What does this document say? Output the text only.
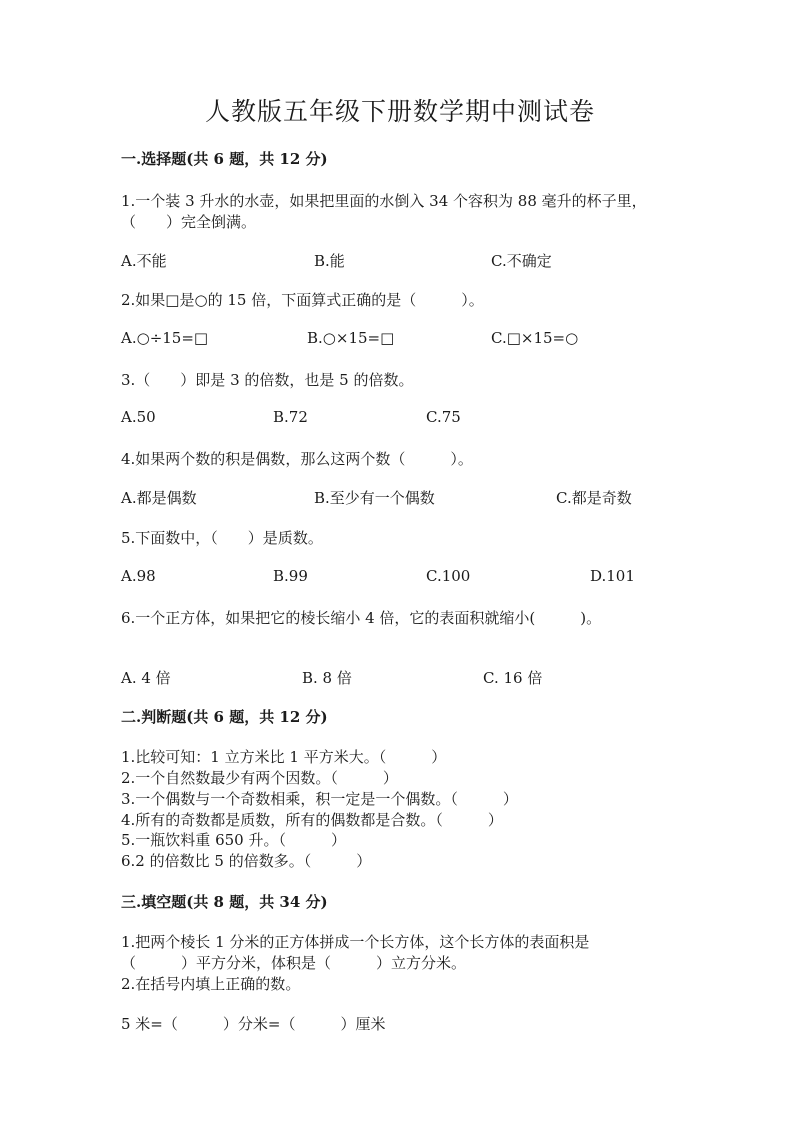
人教版五年级下册数学期中测试卷
一.选择题(共 6 题，共 12 分)
1.一个装 3 升水的水壶，如果把里面的水倒入 34 个容积为 88 毫升的杯子里，
（　　）完全倒满。
A.不能	B.能	C.不确定
2.如果□是○的 15 倍，下面算式正确的是（　　　）。
A.○÷15=□	B.○×15=□	C.□×15=○
3.（　　）即是 3 的倍数，也是 5 的倍数。
A.50	B.72	C.75
4.如果两个数的积是偶数，那么这两个数（　　　）。
A.都是偶数	B.至少有一个偶数	C.都是奇数
5.下面数中，（　　）是质数。
A.98	B.99	C.100	D.101
6.一个正方体，如果把它的棱长缩小 4 倍，它的表面积就缩小(　　　)。
A. 4 倍	B. 8 倍	C. 16 倍
二.判断题(共 6 题，共 12 分)
1.比较可知：1 立方米比 1 平方米大。（　　　）
2.一个自然数最少有两个因数。（　　　）
3.一个偶数与一个奇数相乘，积一定是一个偶数。（　　　）
4.所有的奇数都是质数，所有的偶数都是合数。（　　　）
5.一瓶饮料重 650 升。（　　　）
6.2 的倍数比 5 的倍数多。（　　　）
三.填空题(共 8 题，共 34 分)
1.把两个棱长 1 分米的正方体拼成一个长方体，这个长方体的表面积是
（　　　）平方分米，体积是（　　　）立方分米。
2.在括号内填上正确的数。
5 米=（　　　）分米=（　　　）厘米
